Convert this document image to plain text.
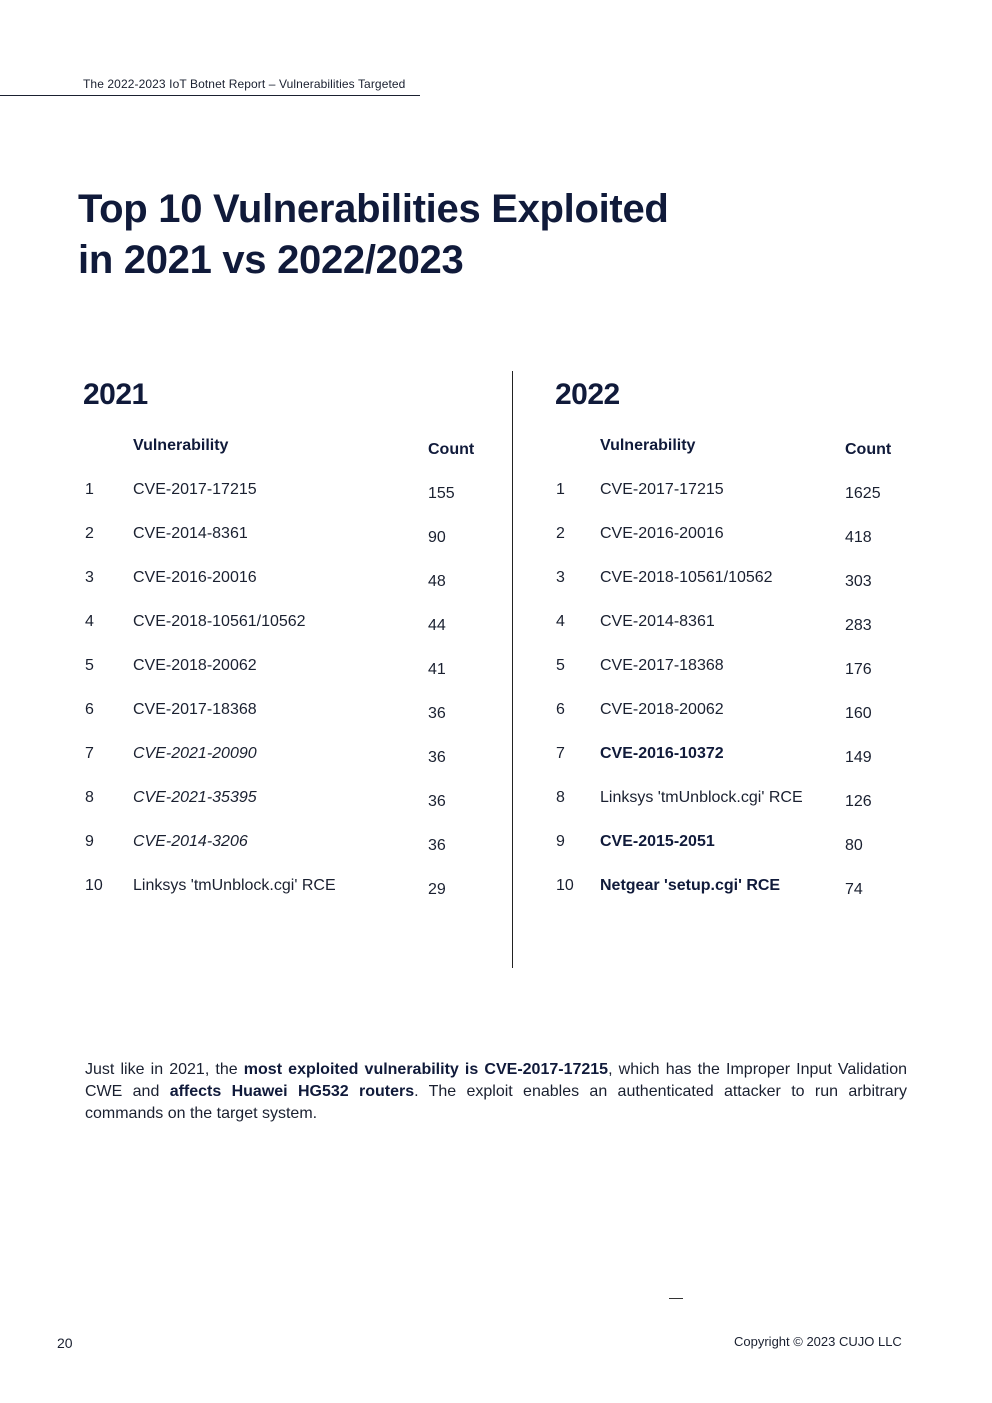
The 2022-2023 IoT Botnet Report – Vulnerabilities Targeted
Top 10 Vulnerabilities Exploited
in 2021 vs 2022/2023
2021
Vulnerability	Count
1 CVE-2017-17215	155
2 CVE-2014-8361	90
3 CVE-2016-20016	48
4 CVE-2018-10561/10562	44
5 CVE-2018-20062	41
6 CVE-2017-18368	36
7 CVE-2021-20090	36
8 CVE-2021-35395	36
9 CVE-2014-3206	36
10 Linksys 'tmUnblock.cgi' RCE	29
2022
Vulnerability	Count
1 CVE-2017-17215	1625
2 CVE-2016-20016	418
3 CVE-2018-10561/10562	303
4 CVE-2014-8361	283
5 CVE-2017-18368	176
6 CVE-2018-20062	160
7 CVE-2016-10372	149
8 Linksys 'tmUnblock.cgi' RCE	126
9 CVE-2015-2051	80
10 Netgear 'setup.cgi' RCE	74

Just like in 2021, the most exploited vulnerability is CVE-2017-17215, which has the Improper Input Validation CWE and affects Huawei HG532 routers. The exploit enables an authenticated attacker to run arbitrary commands on the target system.

20	Copyright © 2023 CUJO LLC
